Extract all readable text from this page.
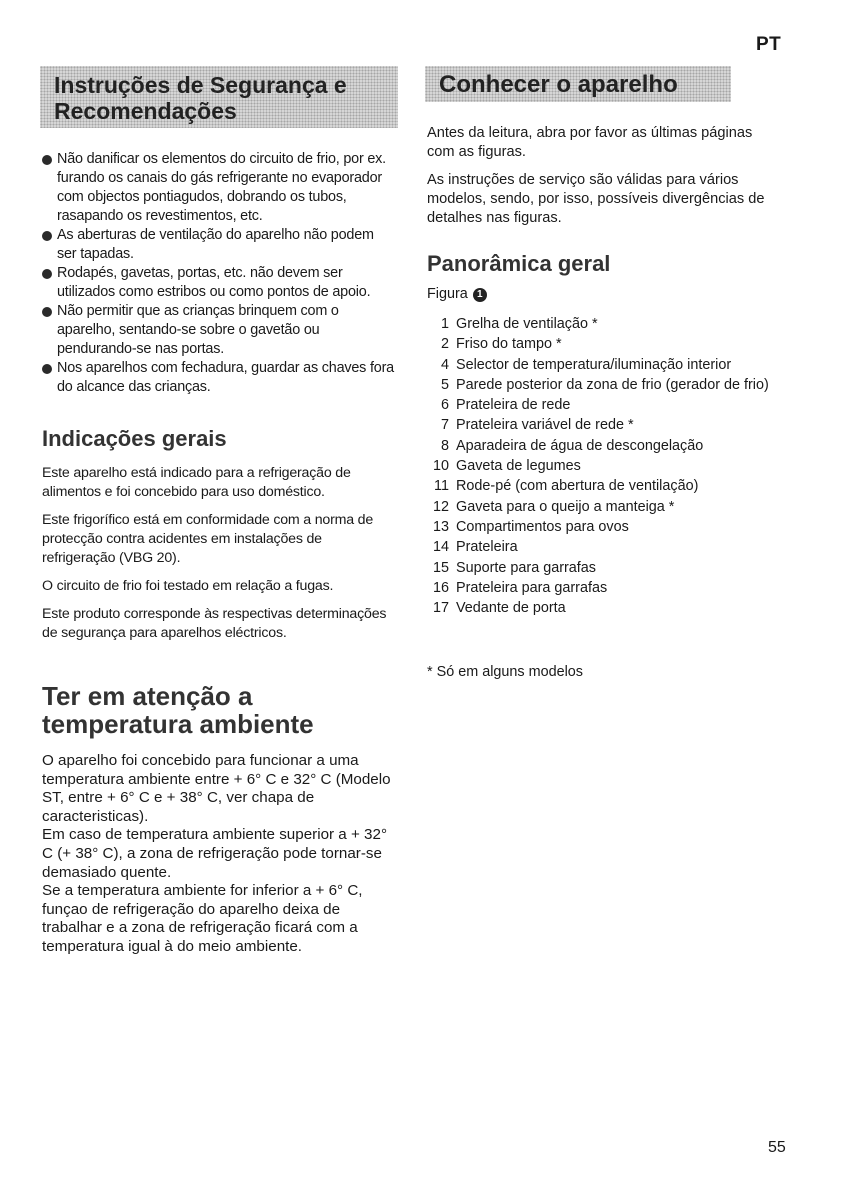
PT
Instruções de Segurança e Recomendações
Não danificar os elementos do circuito de frio, por ex. furando os canais do gás refrigerante no evaporador com objectos pontiagudos, dobrando os tubos, rasapando os revestimentos, etc.
As aberturas de ventilação do aparelho não podem ser tapadas.
Rodapés, gavetas, portas, etc. não devem ser utilizados como estribos ou como pontos de apoio.
Não permitir que as crianças brinquem com o aparelho, sentando-se sobre o gavetão ou pendurando-se nas portas.
Nos aparelhos com fechadura, guardar as chaves fora do alcance das crianças.
Indicações gerais

Este aparelho está indicado para a refrigeração de alimentos e foi concebido para uso doméstico.

Este frigorífico está em conformidade com a norma de protecção contra acidentes em instalações de refrigeração (VBG 20).

O circuito de frio foi testado em relação a fugas.

Este produto corresponde às respectivas determinações de segurança para aparelhos eléctricos.

Ter em atenção a temperatura ambiente

O aparelho foi concebido para funcionar a uma temperatura ambiente entre + 6° C e 32° C (Modelo ST, entre + 6° C e + 38° C, ver chapa de caracteristicas).

Em caso de temperatura ambiente superior a + 32° C (+ 38° C), a zona de refrigeração pode tornar-se demasiado quente.

Se a temperatura ambiente for inferior a + 6° C, funçao de refrigeração do aparelho deixa de trabalhar e a zona de refrigeração ficará com a temperatura igual à do meio ambiente.

Conhecer o aparelho

Antes da leitura, abra por favor as últimas páginas com as figuras.

As instruções de serviço são válidas para vários modelos, sendo, por isso, possíveis divergências de detalhes nas figuras.

Panorâmica geral
Figura 1
1 Grelha de ventilação *
2 Friso do tampo *
4 Selector de temperatura/iluminação interior
5 Parede posterior da zona de frio (gerador de frio)
6 Prateleira de rede
7 Prateleira variável de rede *
8 Aparadeira de água de descongelação
10 Gaveta de legumes
11 Rode-pé (com abertura de ventilação)
12 Gaveta para o queijo a manteiga *
13 Compartimentos para ovos
14 Prateleira
15 Suporte para garrafas
16 Prateleira para garrafas
17 Vedante de porta
* Só em alguns modelos
55
